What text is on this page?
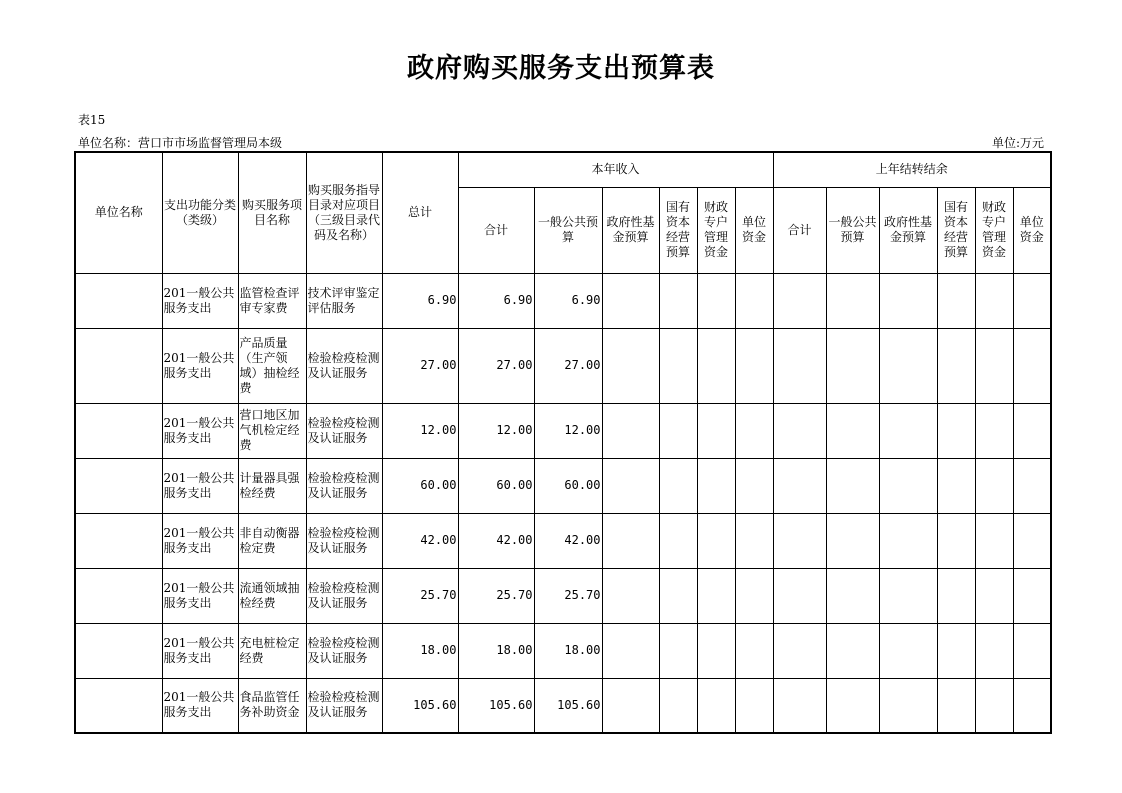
政府购买服务支出预算表
表15
单位名称：营口市市场监督管理局本级	单位:万元
单位名称	支出功能分类（类级）	购买服务项目名称	购买服务指导目录对应项目（三级目录代码及名称）	总计	本年收入						上年结转结余					
					合计	一般公共预算	政府性基金预算	国有资本经营预算	财政专户管理资金	单位资金	合计	一般公共预算	政府性基金预算	国有资本经营预算	财政专户管理资金	单位资金
	201一般公共服务支出	监管检查评审专家费	技术评审鉴定评估服务	6.90	6.90	6.90										
	201一般公共服务支出	产品质量（生产领域）抽检经费	检验检疫检测及认证服务	27.00	27.00	27.00										
	201一般公共服务支出	营口地区加气机检定经费	检验检疫检测及认证服务	12.00	12.00	12.00										
	201一般公共服务支出	计量器具强检经费	检验检疫检测及认证服务	60.00	60.00	60.00										
	201一般公共服务支出	非自动衡器检定费	检验检疫检测及认证服务	42.00	42.00	42.00										
	201一般公共服务支出	流通领域抽检经费	检验检疫检测及认证服务	25.70	25.70	25.70										
	201一般公共服务支出	充电桩检定经费	检验检疫检测及认证服务	18.00	18.00	18.00										
	201一般公共服务支出	食品监管任务补助资金	检验检疫检测及认证服务	105.60	105.60	105.60										
